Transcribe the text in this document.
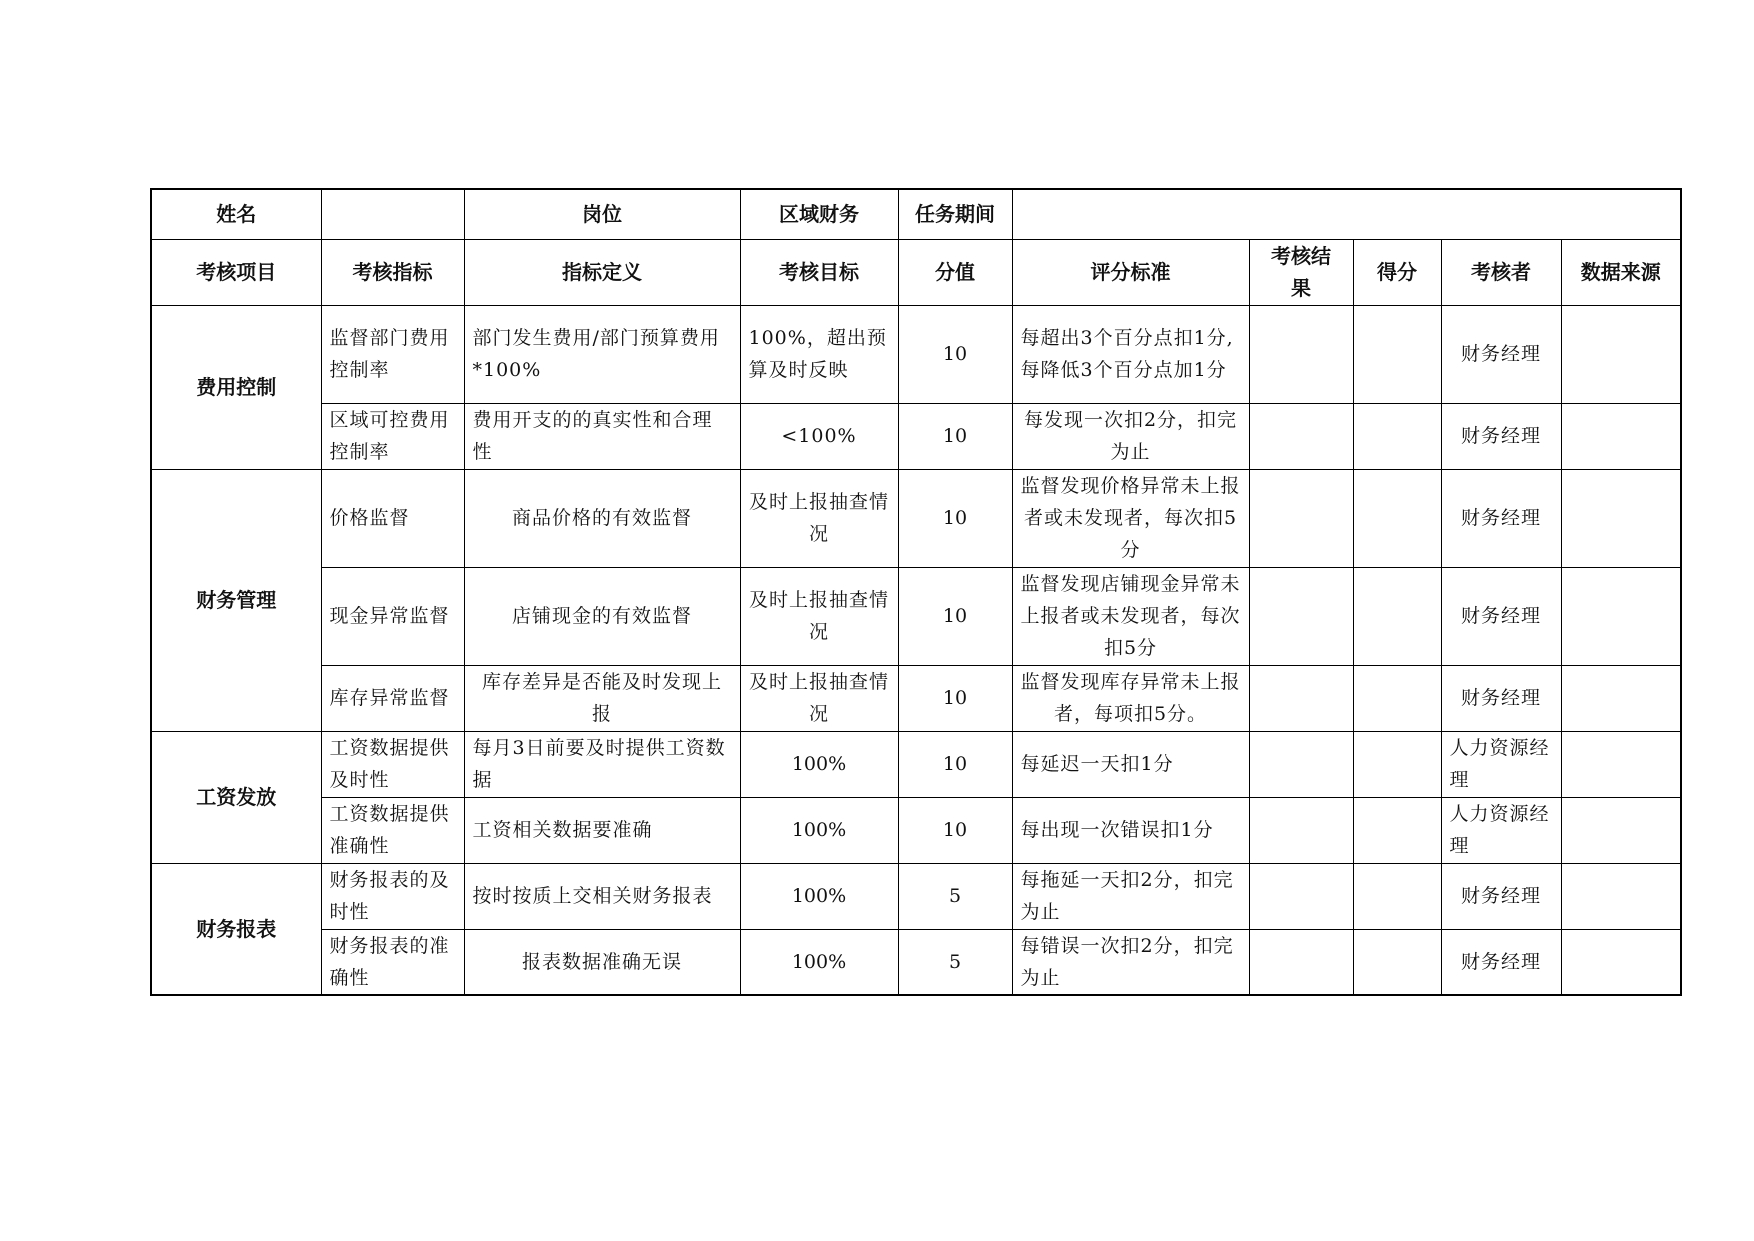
姓名		岗位	区域财务	任务期间					
考核项目	考核指标	指标定义	考核目标	分值	评分标准	考核结果	得分	考核者	数据来源
费用控制	监督部门费用控制率	部门发生费用/部门预算费用*100%	100%，超出预算及时反映	10	每超出3个百分点扣1分,每降低3个百分点加1分			财务经理	
	区域可控费用控制率	费用开支的的真实性和合理性	<100%	10	每发现一次扣2分，扣完为止			财务经理	
财务管理	价格监督	商品价格的有效监督	及时上报抽查情况	10	监督发现价格异常未上报者或未发现者，每次扣5分			财务经理	
	现金异常监督	店铺现金的有效监督	及时上报抽查情况	10	监督发现店铺现金异常未上报者或未发现者，每次扣5分			财务经理	
	库存异常监督	库存差异是否能及时发现上报	及时上报抽查情况	10	监督发现库存异常未上报者，每项扣5分。			财务经理	
工资发放	工资数据提供及时性	每月3日前要及时提供工资数据	100%	10	每延迟一天扣1分			人力资源经理	
	工资数据提供准确性	工资相关数据要准确	100%	10	每出现一次错误扣1分			人力资源经理	
财务报表	财务报表的及时性	按时按质上交相关财务报表	100%	5	每拖延一天扣2分，扣完为止			财务经理	
	财务报表的准确性	报表数据准确无误	100%	5	每错误一次扣2分，扣完为止			财务经理	
